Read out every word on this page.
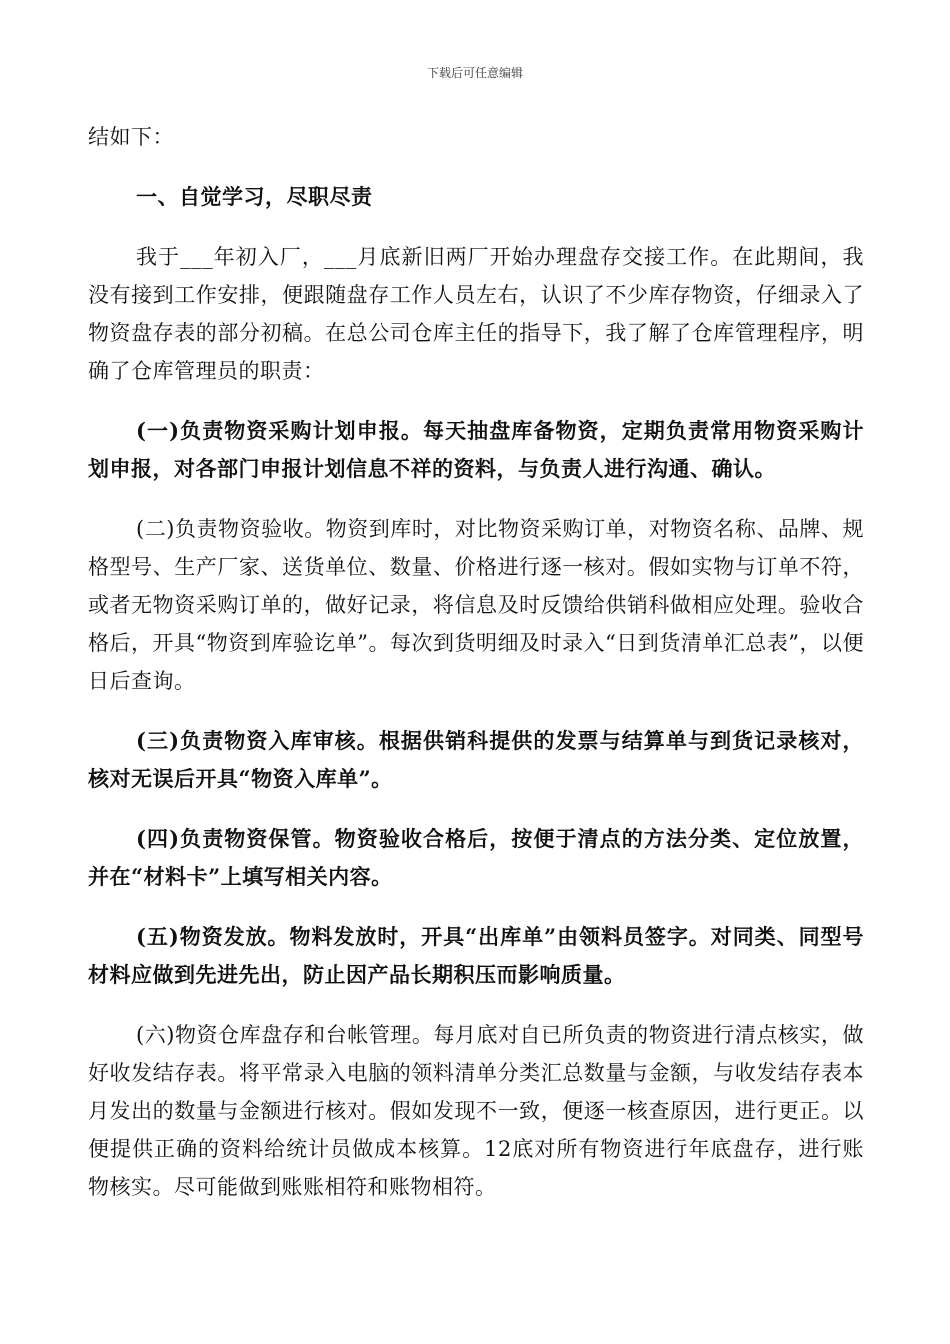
下载后可任意编辑

结如下：

一、自觉学习，尽职尽责

我于___年初入厂，___月底新旧两厂开始办理盘存交接工作。在此期间，我没有接到工作安排，便跟随盘存工作人员左右，认识了不少库存物资，仔细录入了物资盘存表的部分初稿。在总公司仓库主任的指导下，我了解了仓库管理程序，明确了仓库管理员的职责：

(一)负责物资采购计划申报。每天抽盘库备物资，定期负责常用物资采购计划申报，对各部门申报计划信息不祥的资料，与负责人进行沟通、确认。

(二)负责物资验收。物资到库时，对比物资采购订单，对物资名称、品牌、规格型号、生产厂家、送货单位、数量、价格进行逐一核对。假如实物与订单不符，或者无物资采购订单的，做好记录，将信息及时反馈给供销科做相应处理。验收合格后，开具“物资到库验讫单”。每次到货明细及时录入“日到货清单汇总表”，以便日后查询。

(三)负责物资入库审核。根据供销科提供的发票与结算单与到货记录核对，核对无误后开具“物资入库单”。

(四)负责物资保管。物资验收合格后，按便于清点的方法分类、定位放置，并在“材料卡”上填写相关内容。

(五)物资发放。物料发放时，开具“出库单”由领料员签字。对同类、同型号材料应做到先进先出，防止因产品长期积压而影响质量。

(六)物资仓库盘存和台帐管理。每月底对自已所负责的物资进行清点核实，做好收发结存表。将平常录入电脑的领料清单分类汇总数量与金额，与收发结存表本月发出的数量与金额进行核对。假如发现不一致，便逐一核查原因，进行更正。以便提供正确的资料给统计员做成本核算。12底对所有物资进行年底盘存，进行账物核实。尽可能做到账账相符和账物相符。
